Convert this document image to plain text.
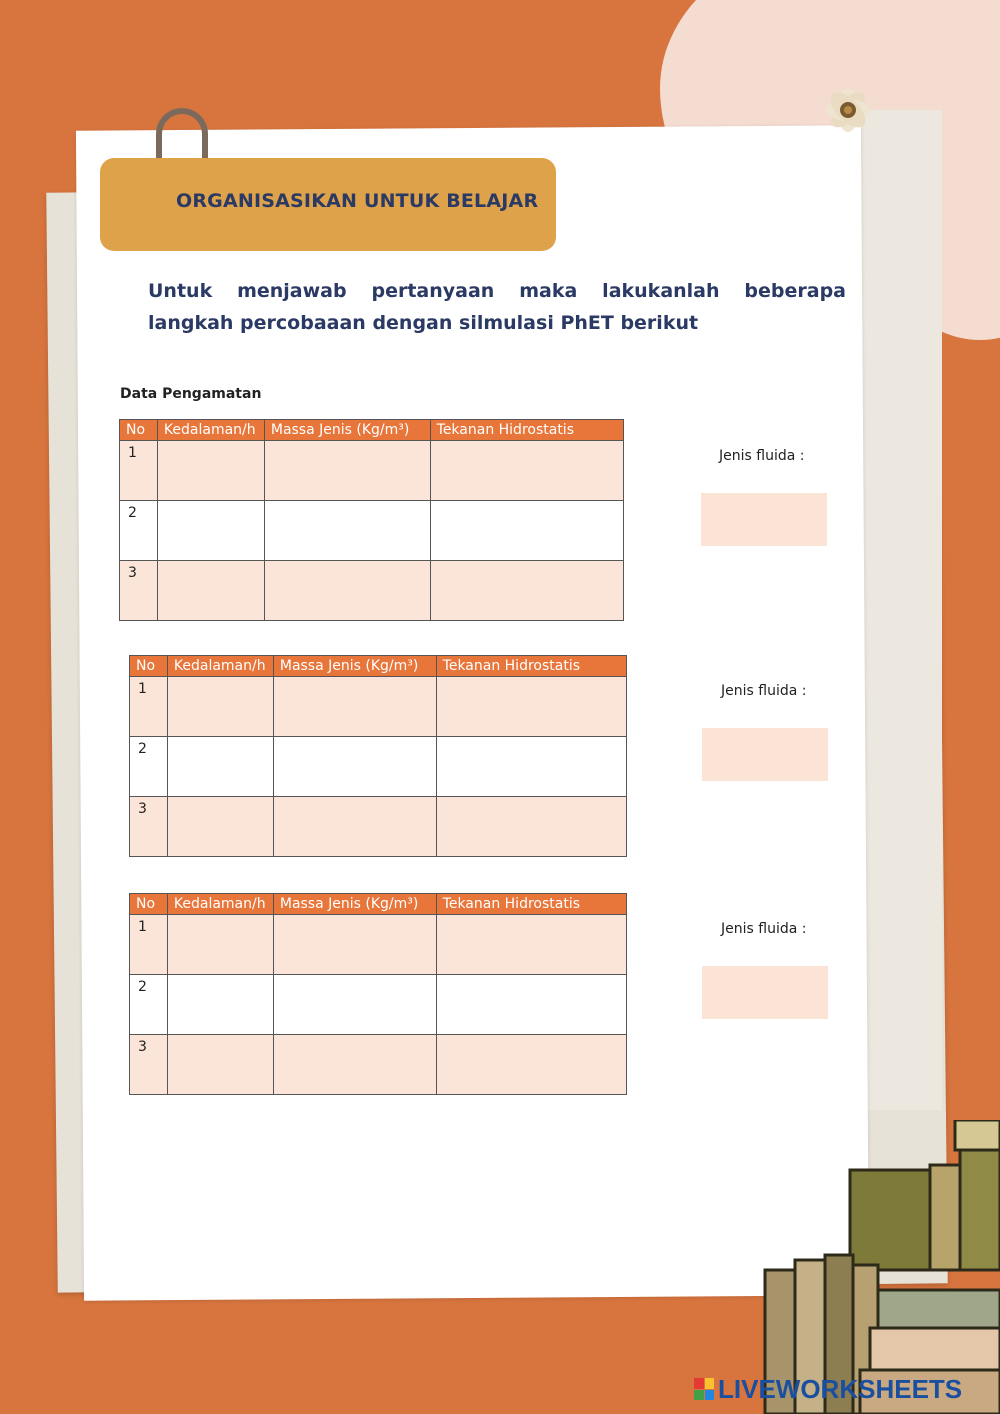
ORGANISASIKAN UNTUK BELAJAR
Untuk menjawab pertanyaan maka lakukanlah beberapa langkah percobaaan dengan silmulasi PhET berikut
Data Pengamatan
No	Kedalaman/h	Massa Jenis (Kg/m³)	Tekanan Hidrostatis
1			
2			
3			
Jenis fluida :
No	Kedalaman/h	Massa Jenis (Kg/m³)	Tekanan Hidrostatis
1			
2			
3			
Jenis fluida :
No	Kedalaman/h	Massa Jenis (Kg/m³)	Tekanan Hidrostatis
1			
2			
3			
Jenis fluida :
LIVEWORKSHEETS
